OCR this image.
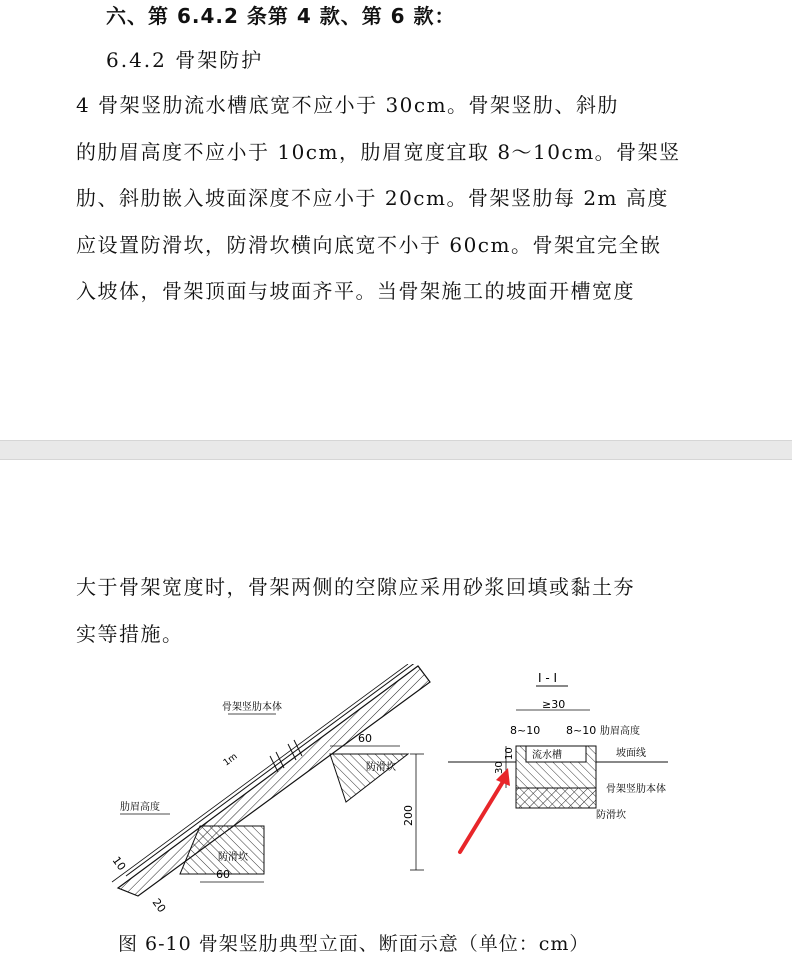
六、第 6.4.2 条第 4 款、第 6 款：
6.4.2 骨架防护
4 骨架竖肋流水槽底宽不应小于 30cm。骨架竖肋、斜肋
的肋眉高度不应小于 10cm，肋眉宽度宜取 8～10cm。骨架竖
肋、斜肋嵌入坡面深度不应小于 20cm。骨架竖肋每 2m 高度
应设置防滑坎，防滑坎横向底宽不小于 60cm。骨架宜完全嵌
入坡体，骨架顶面与坡面齐平。当骨架施工的坡面开槽宽度
大于骨架宽度时，骨架两侧的空隙应采用砂浆回填或黏土夯
实等措施。
骨架竖肋本体
防滑坎
肋眉高度
防滑坎
1m
60
200
60
10
20
I - I
≥30
8~10 8~10 肋眉高度
流水槽	坡面线
30
10
骨架竖肋本体
防滑坎
图 6-10 骨架竖肋典型立面、断面示意（单位：cm）
